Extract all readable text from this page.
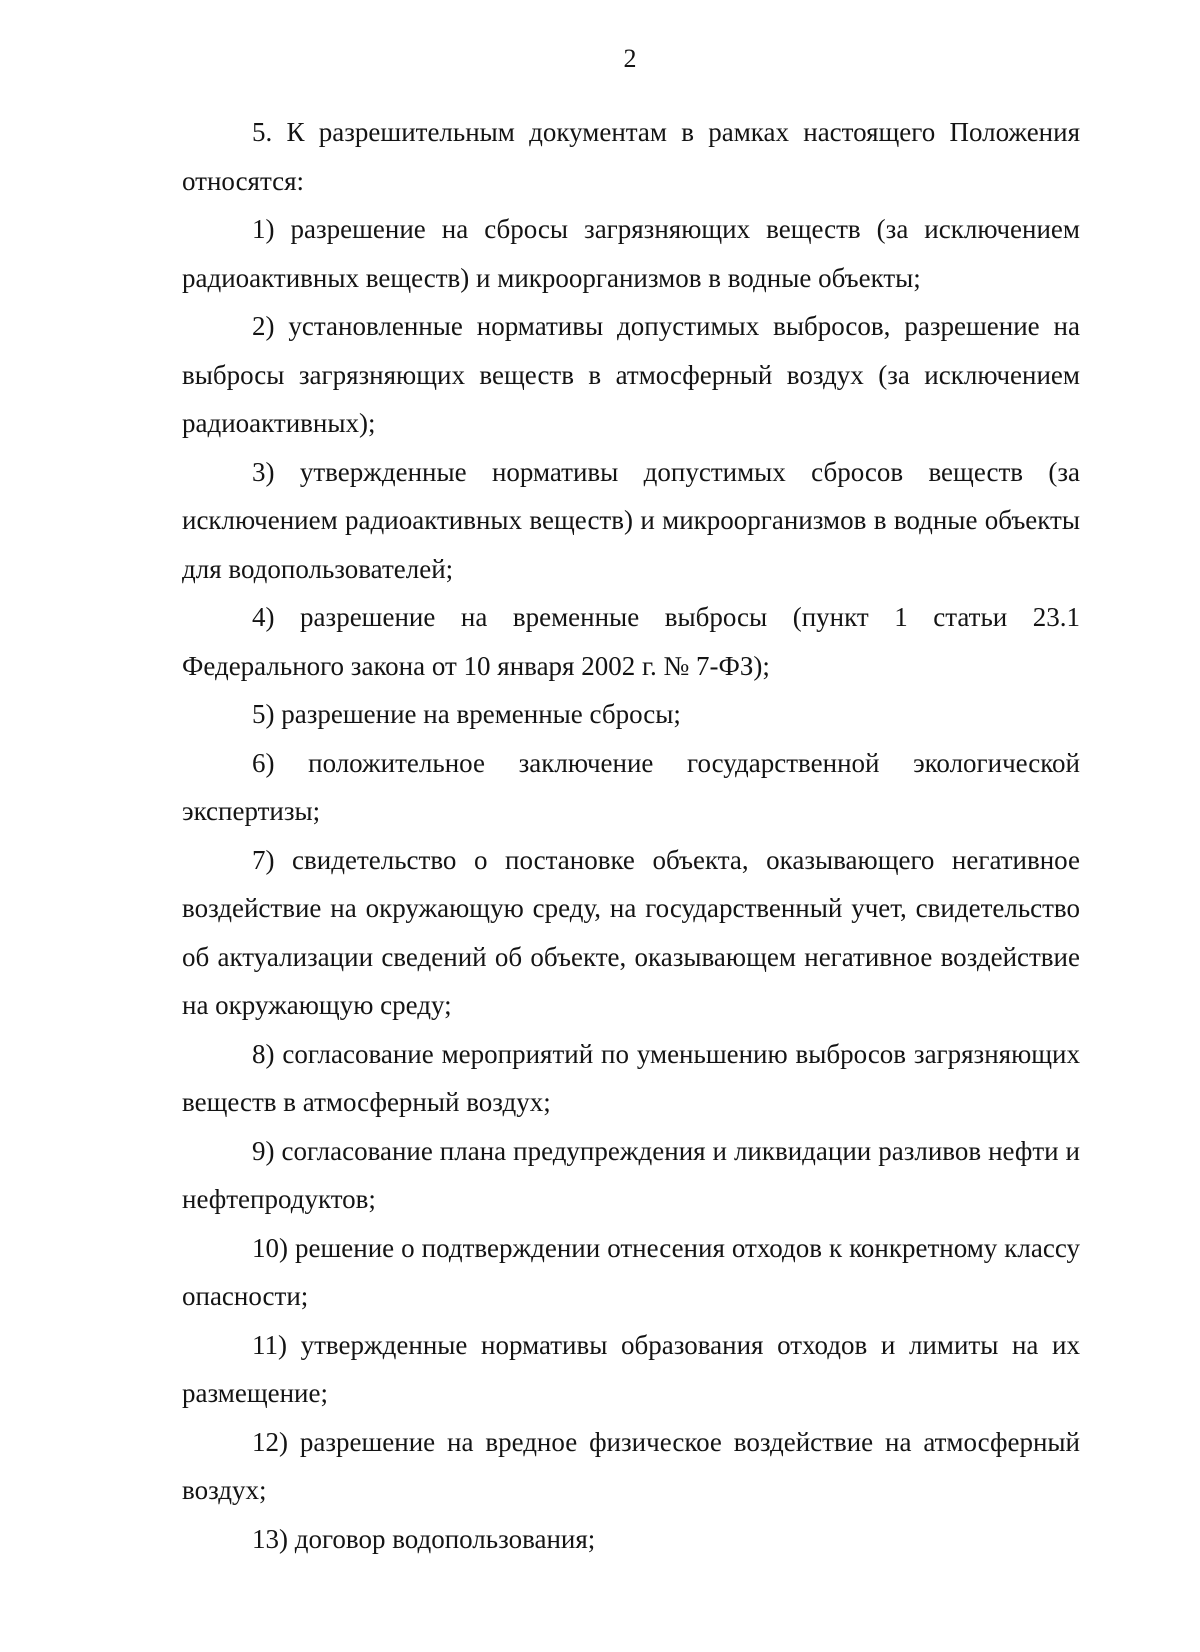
2

5. К разрешительным документам в рамках настоящего Положения относятся:

1) разрешение на сбросы загрязняющих веществ (за исключением радиоактивных веществ) и микроорганизмов в водные объекты;

2) установленные нормативы допустимых выбросов, разрешение на выбросы загрязняющих веществ в атмосферный воздух (за исключением радиоактивных);

3) утвержденные нормативы допустимых сбросов веществ (за исключением радиоактивных веществ) и микроорганизмов в водные объекты для водопользователей;

4) разрешение на временные выбросы (пункт 1 статьи 23.1 Федерального закона от 10 января 2002 г. № 7-ФЗ);

5) разрешение на временные сбросы;

6) положительное заключение государственной экологической экспертизы;

7) свидетельство о постановке объекта, оказывающего негативное воздействие на окружающую среду, на государственный учет, свидетельство об актуализации сведений об объекте, оказывающем негативное воздействие на окружающую среду;

8) согласование мероприятий по уменьшению выбросов загрязняющих веществ в атмосферный воздух;

9) согласование плана предупреждения и ликвидации разливов нефти и нефтепродуктов;

10) решение о подтверждении отнесения отходов к конкретному классу опасности;

11) утвержденные нормативы образования отходов и лимиты на их размещение;

12) разрешение на вредное физическое воздействие на атмосферный воздух;

13) договор водопользования;
